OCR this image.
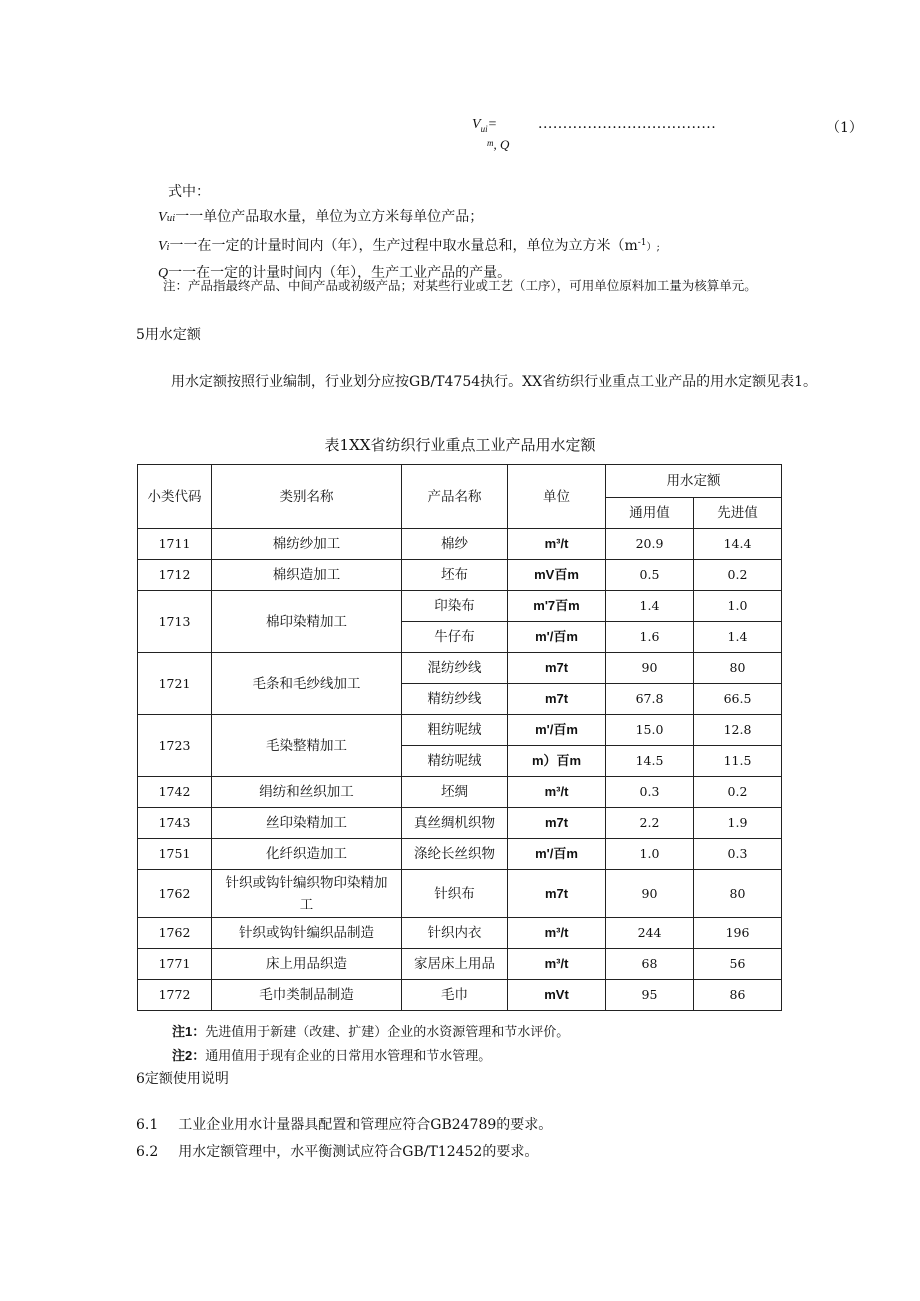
$V_{ui}=$
$^m$, Q
....................................	（1）
式中：
Vui一一单位产品取水量，单位为立方米每单位产品；
Vi一一在一定的计量时间内（年），生产过程中取水量总和，单位为立方米$(m^{-1})$;
Q一一在一定的计量时间内（年），生产工业产品的产量。
注：产品指最终产品、中间产品或初级产品；对某些行业或工艺（工序），可用单位原料加工量为核算单元。
5用水定额
用水定额按照行业编制，行业划分应按GB/T4754执行。XX省纺织行业重点工业产品的用水定额见表1。
表1XX省纺织行业重点工业产品用水定额
小类代码	类别名称	产品名称	单位	用水定额	
				通用值	先进值
1711	棉纺纱加工	棉纱	m³/t	20.9	14.4
1712	棉织造加工	坯布	mV百m	0.5	0.2
1713	棉印染精加工	印染布	m'7百m	1.4	1.0
		牛仔布	m'/百m	1.6	1.4
1721	毛条和毛纱线加工	混纺纱线	m7t	90	80
		精纺纱线	m7t	67.8	66.5
1723	毛染整精加工	粗纺呢绒	m'/百m	15.0	12.8
		精纺呢绒	m）百m	14.5	11.5
1742	绢纺和丝织加工	坯绸	m³/t	0.3	0.2
1743	丝印染精加工	真丝绸机织物	m7t	2.2	1.9
1751	化纤织造加工	涤纶长丝织物	m'/百m	1.0	0.3
1762	针织或钩针编织物印染精加工	针织布	m7t	90	80
1762	针织或钩针编织品制造	针织内衣	m³/t	244	196
1771	床上用品织造	家居床上用品	m³/t	68	56
1772	毛巾类制品制造	毛巾	mVt	95	86
注1：先进值用于新建（改建、扩建）企业的水资源管理和节水评价。
注2：通用值用于现有企业的日常用水管理和节水管理。
6定额使用说明
6.1 工业企业用水计量器具配置和管理应符合GB24789的要求。
6.2 用水定额管理中，水平衡测试应符合GB/T12452的要求。
